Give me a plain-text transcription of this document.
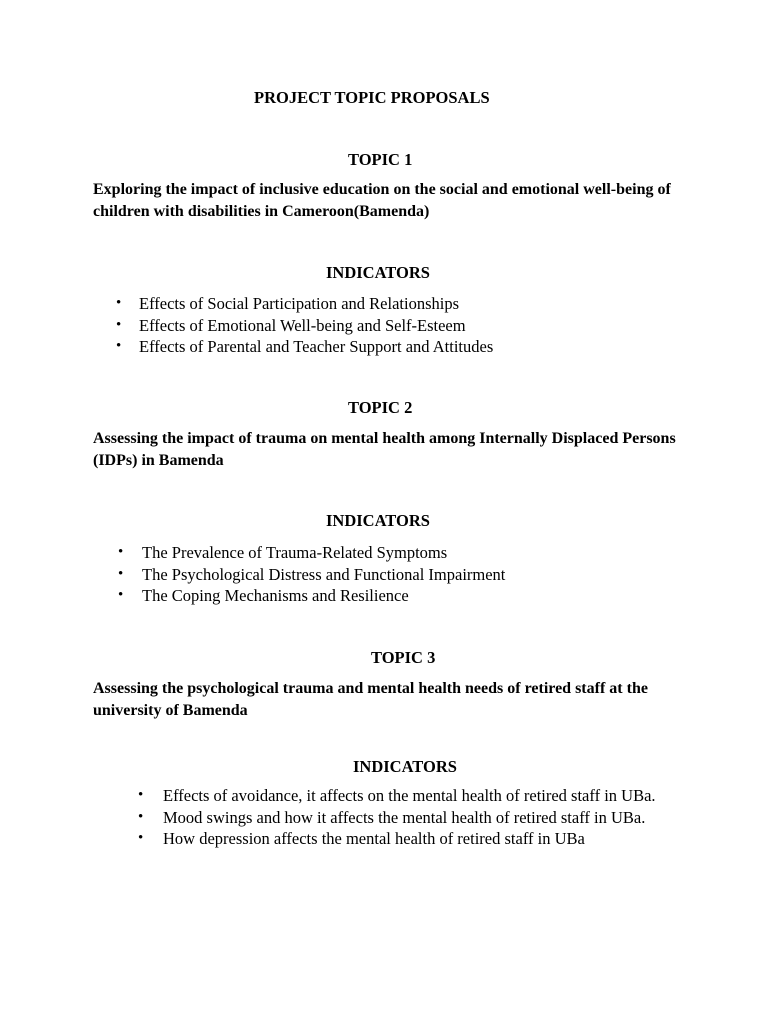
PROJECT TOPIC PROPOSALS
TOPIC 1
Exploring the impact of inclusive education on the social and emotional well-being of children with disabilities in Cameroon(Bamenda)
INDICATORS
• Effects of Social Participation and Relationships
• Effects of Emotional Well-being and Self-Esteem
• Effects of Parental and Teacher Support and Attitudes
TOPIC 2
Assessing the impact of trauma on mental health among Internally Displaced Persons (IDPs) in Bamenda
INDICATORS
• The Prevalence of Trauma-Related Symptoms
• The Psychological Distress and Functional Impairment
• The Coping Mechanisms and Resilience
TOPIC 3
Assessing the psychological trauma and mental health needs of retired staff at the university of Bamenda
INDICATORS
• Effects of avoidance, it affects on the mental health of retired staff in UBa.
• Mood swings and how it affects the mental health of retired staff in UBa.
• How depression affects the mental health of retired staff in UBa
